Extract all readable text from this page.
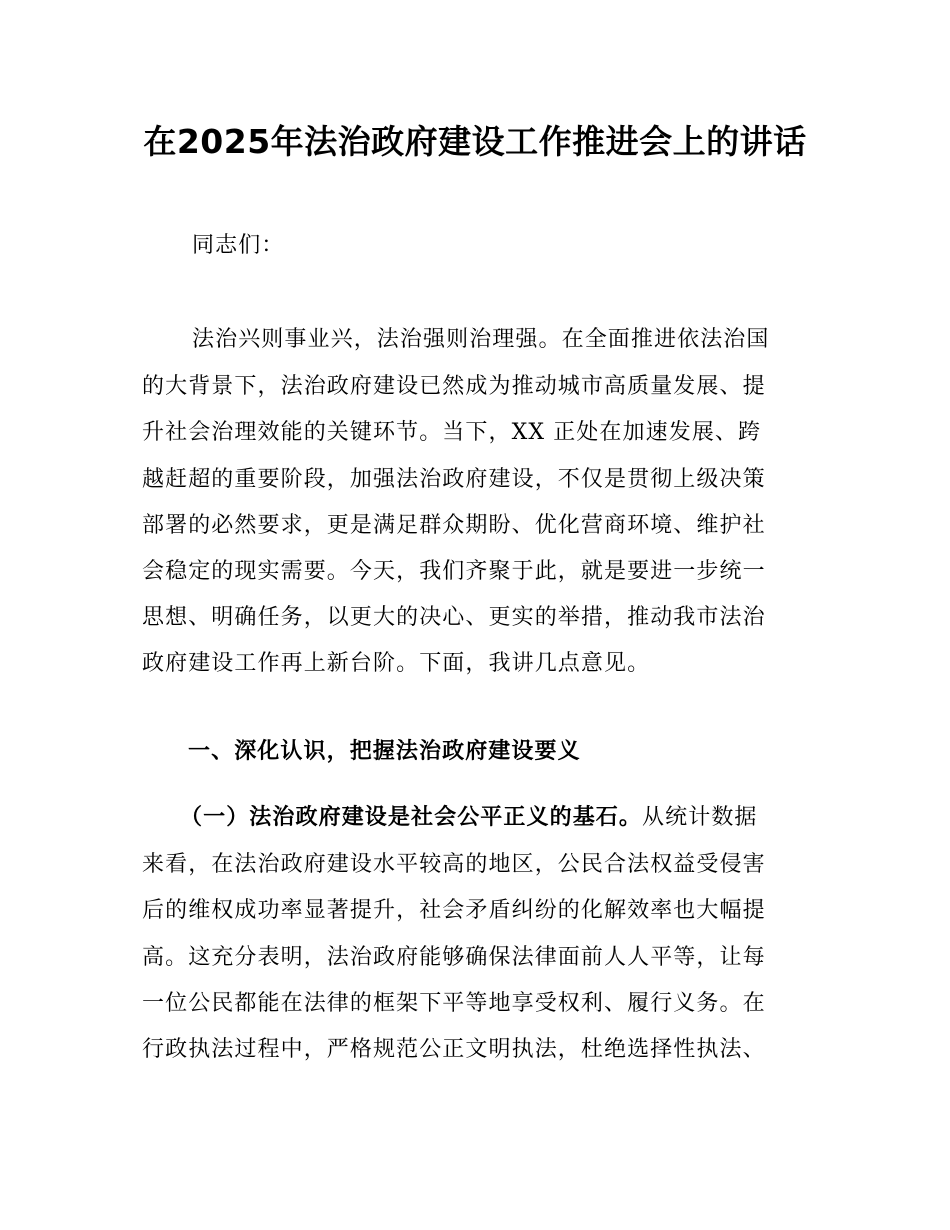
在2025年法治政府建设工作推进会上的讲话
同志们：
法治兴则事业兴，法治强则治理强。在全面推进依法治国
的大背景下，法治政府建设已然成为推动城市高质量发展、提
升社会治理效能的关键环节。当下，XX 正处在加速发展、跨
越赶超的重要阶段，加强法治政府建设，不仅是贯彻上级决策
部署的必然要求，更是满足群众期盼、优化营商环境、维护社
会稳定的现实需要。今天，我们齐聚于此，就是要进一步统一
思想、明确任务，以更大的决心、更实的举措，推动我市法治
政府建设工作再上新台阶。下面，我讲几点意见。
一、深化认识，把握法治政府建设要义
（一）法治政府建设是社会公平正义的基石。从统计数据
来看，在法治政府建设水平较高的地区，公民合法权益受侵害
后的维权成功率显著提升，社会矛盾纠纷的化解效率也大幅提
高。这充分表明，法治政府能够确保法律面前人人平等，让每
一位公民都能在法律的框架下平等地享受权利、履行义务。在
行政执法过程中，严格规范公正文明执法，杜绝选择性执法、
